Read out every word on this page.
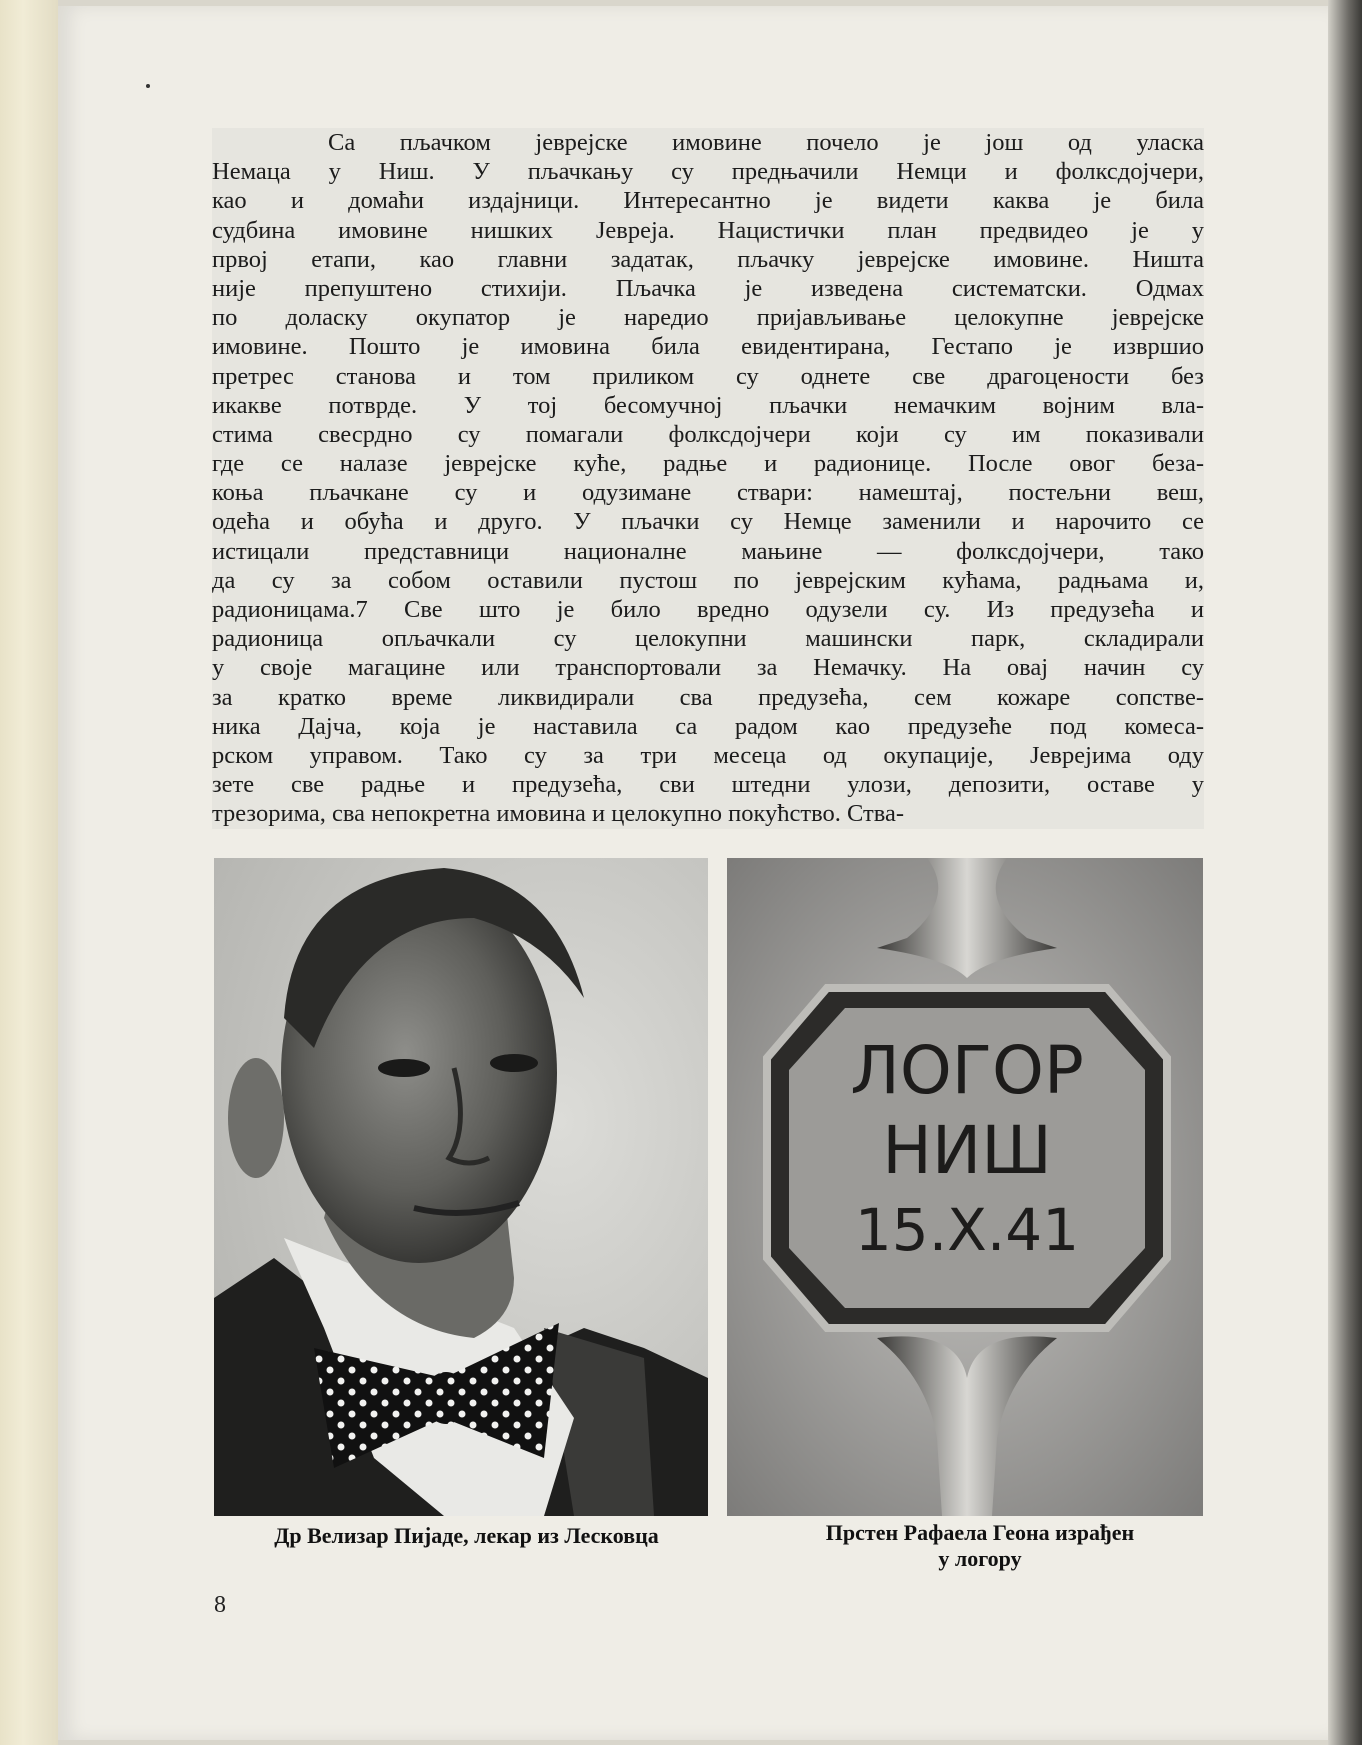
Са пљачком јеврејске имовине почело је још од уласка
Немаца у Ниш. У пљачкању су предњачили Немци и фолксдојчери,
као и домаћи издајници. Интересантно је видети каква је била
судбина имовине нишких Јевреја. Нацистички план предвидео је у
првој етапи, као главни задатак, пљачку јеврејске имовине. Ништа
није препуштено стихији. Пљачка је изведена систематски. Одмах
по доласку окупатор је наредио пријављивање целокупне јеврејске
имовине. Пошто је имовина била евидентирана, Гестапо је извршио
претрес станова и том приликом су однете све драгоцености без
икакве потврде. У тој бесомучној пљачки немачким војним вла-
стима свесрдно су помагали фолксдојчери који су им показивали
где се налазе јеврејске куће, радње и радионице. После овог беза-
коња пљачкане су и одузимане ствари: намештај, постељни веш,
одећа и обућа и друго. У пљачки су Немце заменили и нарочито се
истицали представници националне мањине — фолксдојчери, тако
да су за собом оставили пустош по јеврејским кућама, радњама и,
радионицама.7 Све што је било вредно одузели су. Из предузећа и
радионица опљачкали су целокупни машински парк, складирали
у своје магацине или транспортовали за Немачку. На овај начин су
за кратко време ликвидирали сва предузећа, сем кожаре сопстве-
ника Дајча, која је наставила са радом као предузеће под комеса-
рском управом. Тако су за три месеца од окупације, Јеврејима оду
зете све радње и предузећа, сви штедни улози, депозити, оставе у
трезорима, сва непокретна имовина и целокупно покућство. Ства-
ЛОГОР
НИШ
15.X.41
Др Велизар Пијаде, лекар из Лесковца	Прстен Рафаела Геона израђен
у логору
8
